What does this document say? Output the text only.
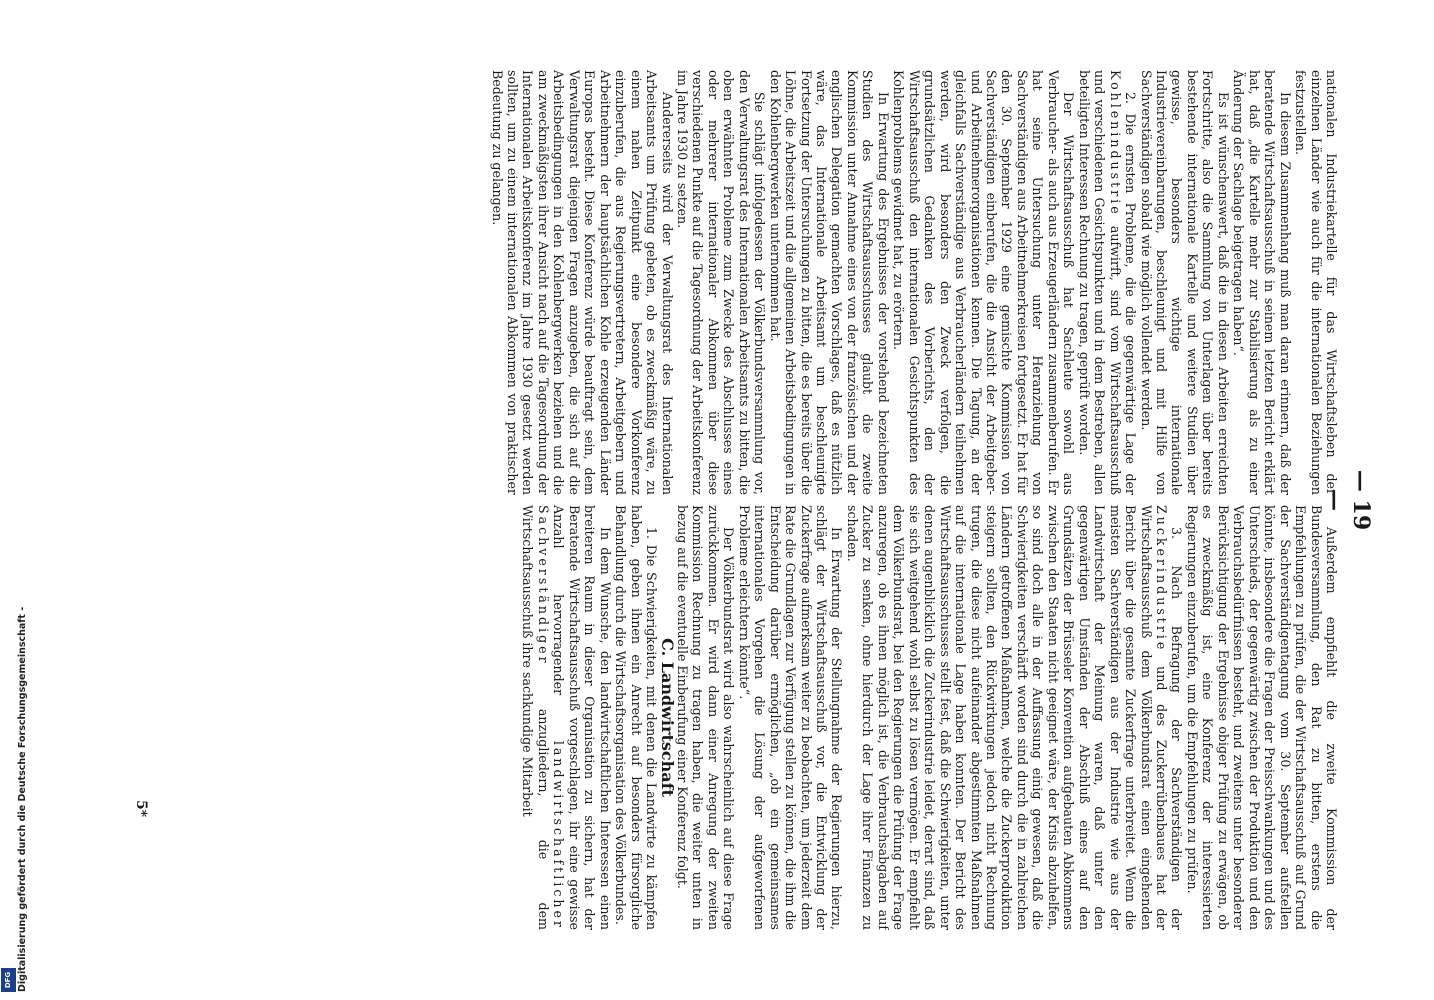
— 19 —

nationalen Industriekartelle für das Wirtschaftsleben der einzelnen Länder wie auch für die internationalen Beziehungen festzustellen.

In diesem Zusammenhang muß man daran erinnern, daß der beratende Wirtschaftsausschuß in seinem letzten Bericht erklärt hat, daß „die Kartelle mehr zur Stabilisierung als zu einer Änderung der Sachlage beigetragen haben“.

Es ist wünschenswert, daß die in diesen Arbeiten erreichten Fortschritte, also die Sammlung von Unterlagen über bereits bestehende internationale Kartelle und weitere Studien über gewisse, besonders wichtige internationale Industrievereinbarungen, beschleunigt und mit Hilfe von Sachverständigen sobald wie möglich vollendet werden.

2. Die ernsten Probleme, die die gegenwärtige Lage der Kohlenindustrie aufwirft, sind vom Wirtschaftsausschuß und verschiedenen Gesichtspunkten und in dem Bestreben, allen beteiligten Interessen Rechnung zu tragen, geprüft worden.

Der Wirtschaftsausschuß hat Sachleute sowohl aus Verbraucher- als auch aus Erzeugerländern zusammenberufen. Er hat seine Untersuchung unter Heranziehung von Sachverständigen aus Arbeitnehmerkreisen fortgesetzt. Er hat für den 30. September 1929 eine gemischte Kommission von Sachverständigen einberufen, die die Ansicht der Arbeitgeber- und Arbeitnehmerorganisationen kennen. Die Tagung, an der gleichfalls Sachverständige aus Verbraucherländern teilnehmen werden, wird besonders den Zweck verfolgen, die grundsätzlichen Gedanken des Vorberichts, den der Wirtschaftsausschuß den internationalen Gesichtspunkten des Kohlenproblems gewidmet hat, zu erörtern.

In Erwartung des Ergebnisses der vorstehend bezeichneten Studien des Wirtschaftsausschusses glaubt die zweite Kommission unter Annahme eines von der französischen und der englischen Delegation gemachten Vorschlages, daß es nützlich wäre, das Internationale Arbeitsamt um beschleunigte Fortsetzung der Untersuchungen zu bitten, die es bereits über die Löhne, die Arbeitszeit und die allgemeinen Arbeitsbedingungen in den Kohlenbergwerken unternommen hat.

Sie schlägt infolgedessen der Völkerbundsversammlung vor, den Verwaltungsrat des Internationalen Arbeitsamts zu bitten, die oben erwähnten Probleme zum Zwecke des Abschlusses eines oder mehrerer internationaler Abkommen über diese verschiedenen Punkte auf die Tagesordnung der Arbeitskonferenz im Jahre 1930 zu setzen.

Andererseits wird der Verwaltungsrat des Internationalen Arbeitsamts um Prüfung gebeten, ob es zweckmäßig wäre, zu einem nahen Zeitpunkt eine besondere Vorkonferenz einzuberufen, die aus Regierungsvertretern, Arbeitgebern und Arbeitnehmern der hauptsächlichen Kohle erzeugenden Länder Europas besteht. Diese Konferenz würde beauftragt sein, dem Verwaltungsrat diejenigen Fragen anzugeben, die sich auf die Arbeitsbedingungen in den Kohlenbergwerken beziehen und die am zweckmäßigsten ihrer Ansicht nach auf die Tagesordnung der Internationalen Arbeitskonferenz im Jahre 1930 gesetzt werden sollten, um zu einem internationalen Abkommen von praktischer Bedeutung zu gelangen.

Außerdem empfiehlt die zweite Kommission der Bundesversammlung, den Rat zu bitten, erstens die Empfehlungen zu prüfen, die der Wirtschaftsausschuß auf Grund der Sachverständigentagung vom 30. September aufstellen könnte, insbesondere die Fragen der Preisschwankungen und des Unterschieds, der gegenwärtig zwischen der Produktion und den Verbrauchsbedürfnissen besteht, und zweitens unter besonderer Berücksichtigung der Ergebnisse obiger Prüfung zu erwägen, ob es zweckmäßig ist, eine Konferenz der interessierten Regierungen einzuberufen, um die Empfehlungen zu prüfen.

3. Nach Befragung der Sachverständigen der Zuckerindustrie und des Zuckerrübenbaues hat der Wirtschaftsausschuß dem Völkerbundsrat einen eingehenden Bericht über die gesamte Zuckerfrage unterbreitet. Wenn die meisten Sachverständigen aus der Industrie wie aus der Landwirtschaft der Meinung waren, daß unter den gegenwärtigen Umständen der Abschluß eines auf den Grundsätzen der Brüsseler Konvention aufgebauten Abkommens zwischen den Staaten nicht geeignet wäre, der Krisis abzuhelfen, so sind doch alle in der Auffassung einig gewesen, daß die Schwierigkeiten verschärft worden sind durch die in zahlreichen Ländern getroffenen Maßnahmen, welche die Zuckerproduktion steigern sollten, den Rückwirkungen jedoch nicht Rechnung trugen, die diese nicht aufeinander abgestimmten Maßnahmen auf die internationale Lage haben konnten. Der Bericht des Wirtschaftsausschusses stellt fest, daß die Schwierigkeiten, unter denen augenblicklich die Zuckerindustrie leidet, derart sind, daß sie sich weitgehend wohl selbst zu lösen vermögen. Er empfiehlt dem Völkerbundsrat, bei den Regierungen die Prüfung der Frage anzuregen, ob es ihnen möglich ist, die Verbrauchsabgaben auf Zucker zu senken, ohne hierdurch der Lage ihrer Finanzen zu schaden.

In Erwartung der Stellungnahme der Regierungen hierzu, schlägt der Wirtschaftsausschuß vor, die Entwicklung der Zuckerfrage aufmerksam weiter zu beobachten, um jederzeit dem Rate die Grundlagen zur Verfügung stellen zu können, die ihm die Entscheidung darüber ermöglichen, „ob ein gemeinsames internationales Vorgehen die Lösung der aufgeworfenen Probleme erleichtern könnte“.

Der Völkerbundsrat wird also wahrscheinlich auf diese Frage zurückkommen. Er wird dann einer Anregung der zweiten Kommission Rechnung zu tragen haben, die weiter unten in bezug auf die eventuelle Einberufung einer Konferenz folgt.

C. Landwirtschaft

1. Die Schwierigkeiten, mit denen die Landwirte zu kämpfen haben, geben ihnen ein Anrecht auf besonders fürsorgliche Behandlung durch die Wirtschaftsorganisation des Völkerbundes.

In dem Wunsche, den landwirtschaftlichen Interessen einen breiteren Raum in dieser Organisation zu sichern, hat der Beratende Wirtschaftsausschuß vorgeschlagen, ihr eine gewisse Anzahl hervorragender landwirtschaftlicher Sachverständiger anzugliedern, die dem Wirtschaftsausschuß ihre sachkundige Mitarbeit

5*
Digitalisierung gefördert durch die Deutsche Forschungsgemeinschaft -
DFG
